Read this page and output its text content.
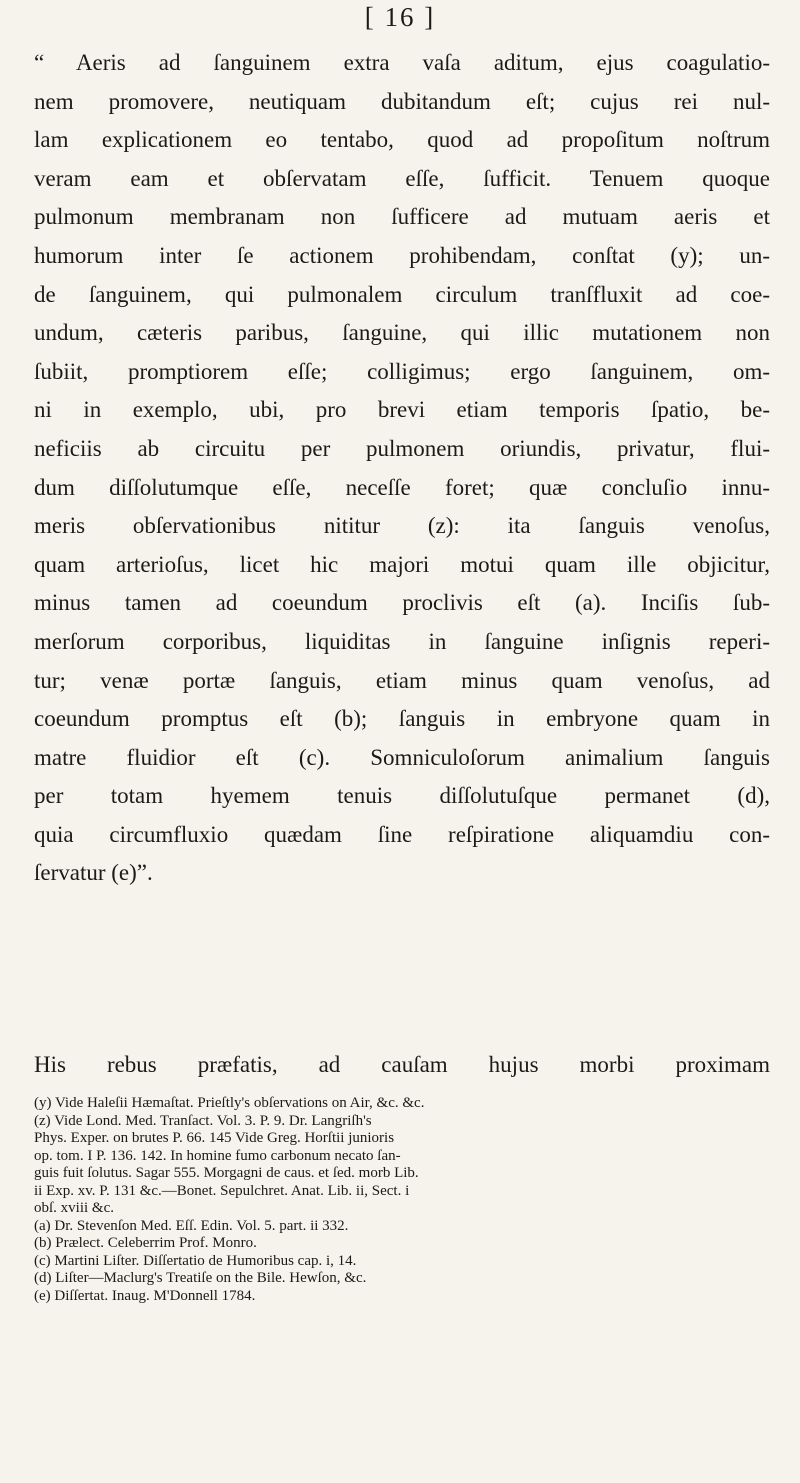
[ 16 ]
“ Aeris ad ſanguinem extra vaſa aditum, ejus coagulatio-
nem promovere, neutiquam dubitandum eſt; cujus rei nul-
lam explicationem eo tentabo, quod ad propoſitum noſtrum
veram eam et obſervatam eſſe, ſufficit. Tenuem quoque
pulmonum membranam non ſufficere ad mutuam aeris et
humorum inter ſe actionem prohibendam, conſtat (y); un-
de ſanguinem, qui pulmonalem circulum tranſfluxit ad coe-
undum, cæteris paribus, ſanguine, qui illic mutationem non
ſubiit, promptiorem eſſe; colligimus; ergo ſanguinem, om-
ni in exemplo, ubi, pro brevi etiam temporis ſpatio, be-
neficiis ab circuitu per pulmonem oriundis, privatur, flui-
dum diſſolutumque eſſe, neceſſe foret; quæ concluſio innu-
meris obſervationibus nititur (z): ita ſanguis venoſus,
quam arterioſus, licet hic majori motui quam ille objicitur,
minus tamen ad coeundum proclivis eſt (a). Inciſis ſub-
merſorum corporibus, liquiditas in ſanguine inſignis reperi-
tur; venæ portæ ſanguis, etiam minus quam venoſus, ad
coeundum promptus eſt (b); ſanguis in embryone quam in
matre fluidior eſt (c). Somniculoſorum animalium ſanguis
per totam hyemem tenuis diſſolutuſque permanet (d),
quia circumfluxio quædam ſine reſpiratione aliquamdiu con-
ſervatur (e)”.
His rebus præfatis, ad cauſam hujus morbi proximam
(y) Vide Haleſii Hæmaſtat. Prieſtly's obſervations on Air, &c. &c.
(z) Vide Lond. Med. Tranſact. Vol. 3. P. 9. Dr. Langriſh's
Phys. Exper. on brutes P. 66. 145 Vide Greg. Horſtii junioris
op. tom. I P. 136. 142. In homine fumo carbonum necato ſan-
guis fuit ſolutus. Sagar 555. Morgagni de caus. et ſed. morb Lib.
ii Exp. xv. P. 131 &c.—Bonet. Sepulchret. Anat. Lib. ii, Sect. i
obſ. xviii &c.
(a) Dr. Stevenſon Med. Eſſ. Edin. Vol. 5. part. ii 332.
(b) Prælect. Celeberrim Prof. Monro.
(c) Martini Liſter. Diſſertatio de Humoribus cap. i, 14.
(d) Liſter—Maclurg's Treatiſe on the Bile. Hewſon, &c.
(e) Diſſertat. Inaug. M'Donnell 1784.
